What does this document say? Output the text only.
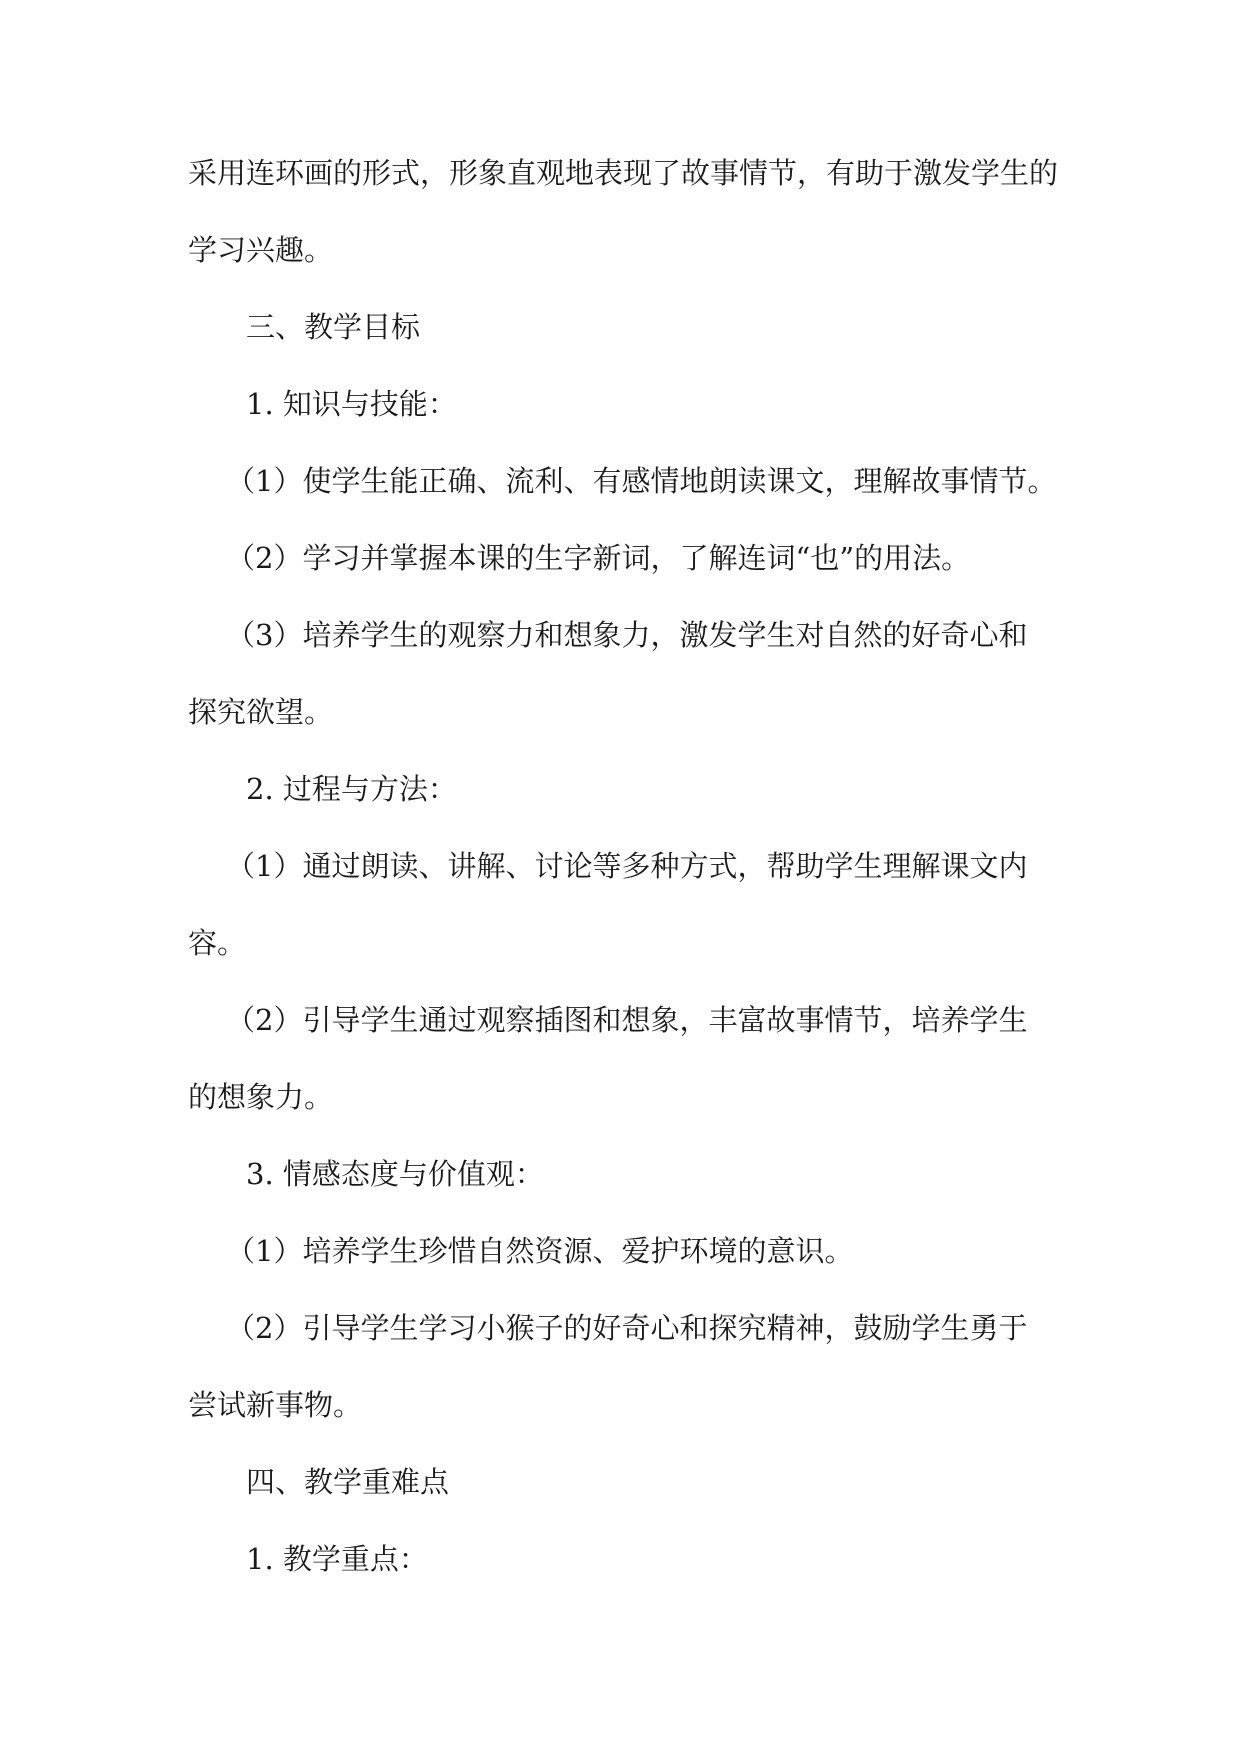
采用连环画的形式，形象直观地表现了故事情节，有助于激发学生的

学习兴趣。

三、教学目标

1. 知识与技能：

（1）使学生能正确、流利、有感情地朗读课文，理解故事情节。

（2）学习并掌握本课的生字新词，了解连词“也”的用法。

（3）培养学生的观察力和想象力，激发学生对自然的好奇心和

探究欲望。

2. 过程与方法：

（1）通过朗读、讲解、讨论等多种方式，帮助学生理解课文内

容。

（2）引导学生通过观察插图和想象，丰富故事情节，培养学生

的想象力。

3. 情感态度与价值观：

（1）培养学生珍惜自然资源、爱护环境的意识。

（2）引导学生学习小猴子的好奇心和探究精神，鼓励学生勇于

尝试新事物。

四、教学重难点

1. 教学重点：
